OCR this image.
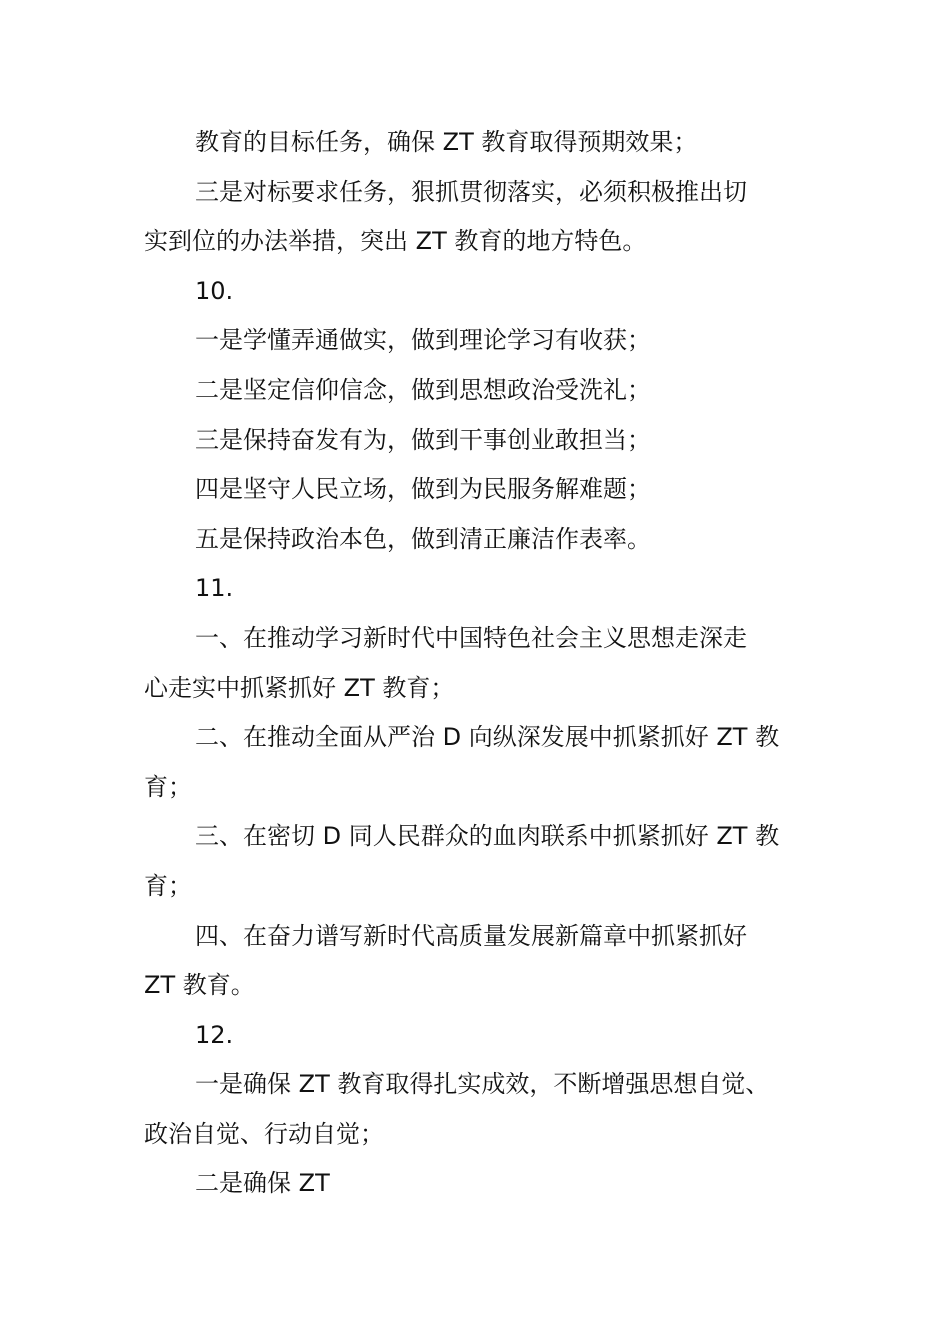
教育的目标任务，确保 ZT 教育取得预期效果；

三是对标要求任务，狠抓贯彻落实，必须积极推出切

实到位的办法举措，突出 ZT 教育的地方特色。

10.

一是学懂弄通做实，做到理论学习有收获；

二是坚定信仰信念，做到思想政治受洗礼；

三是保持奋发有为，做到干事创业敢担当；

四是坚守人民立场，做到为民服务解难题；

五是保持政治本色，做到清正廉洁作表率。

11.

一、在推动学习新时代中国特色社会主义思想走深走

心走实中抓紧抓好 ZT 教育；

二、在推动全面从严治 D 向纵深发展中抓紧抓好 ZT 教

育；

三、在密切 D 同人民群众的血肉联系中抓紧抓好 ZT 教

育；

四、在奋力谱写新时代高质量发展新篇章中抓紧抓好

ZT 教育。

12.

一是确保 ZT 教育取得扎实成效，不断增强思想自觉、

政治自觉、行动自觉；

二是确保 ZT
